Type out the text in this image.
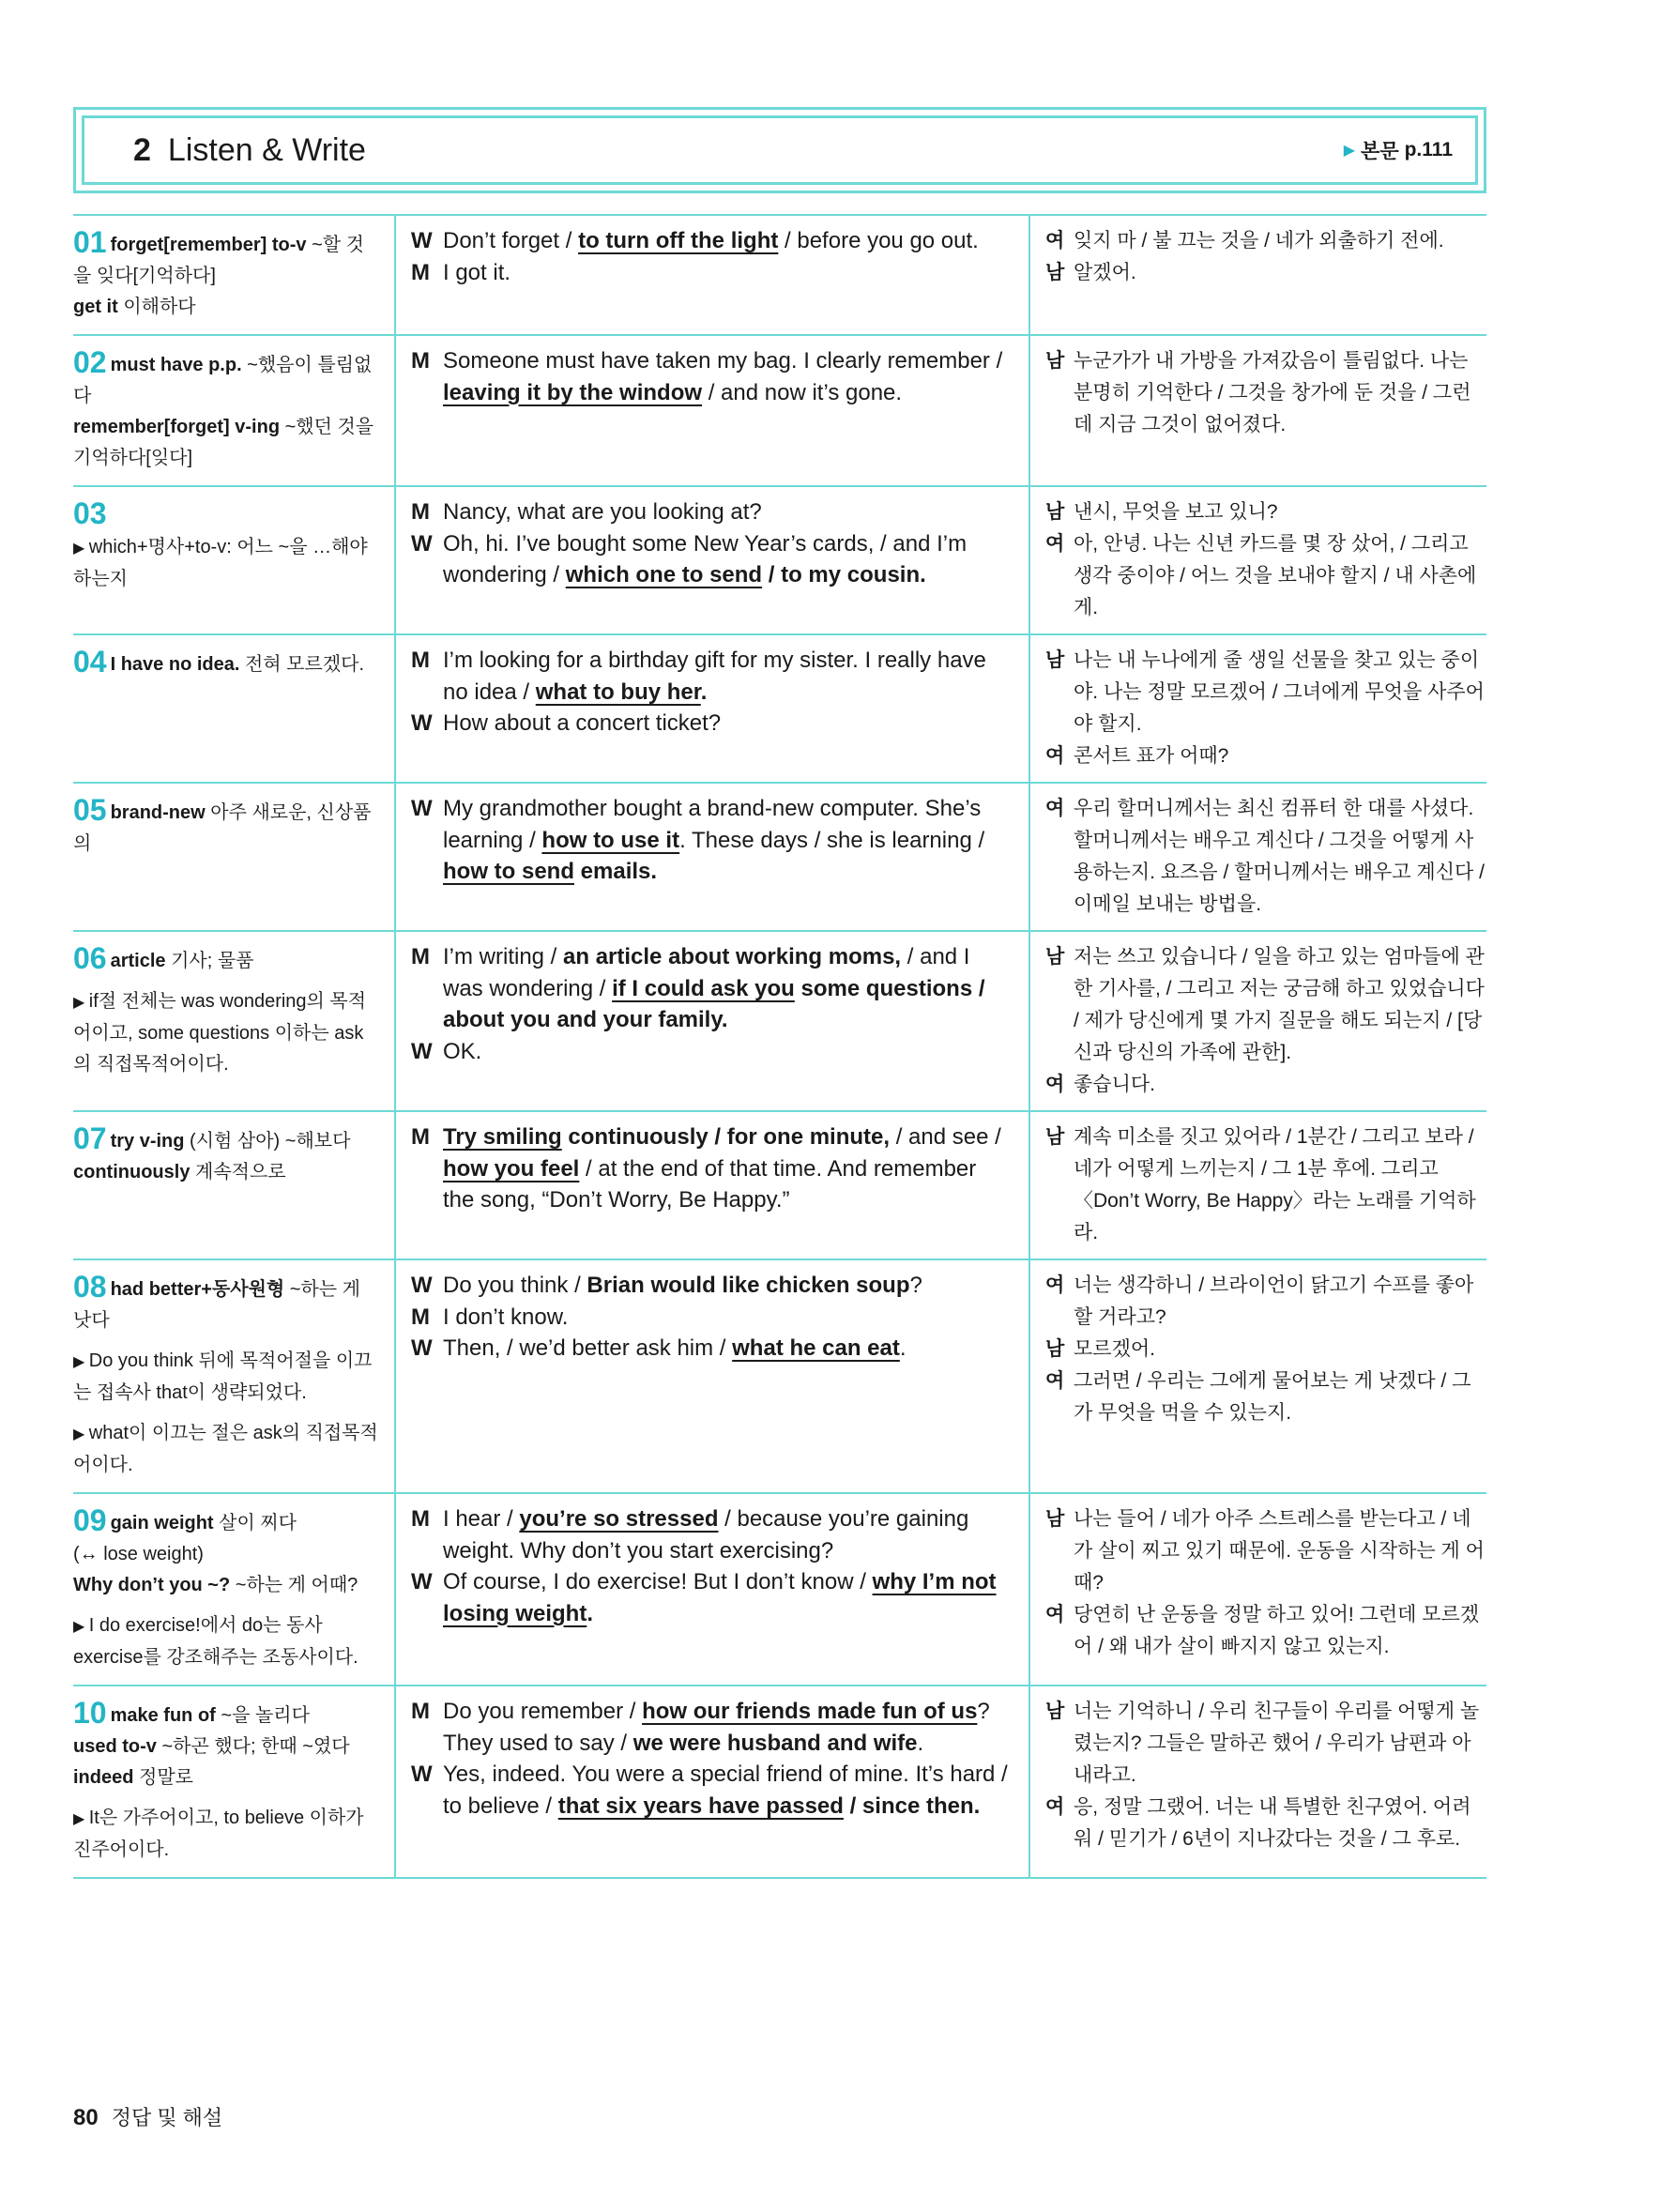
2 Listen & Write	▶ 본문 p.111
01 forget[remember] to-v ~할 것을 잊다[기억하다]
get it 이해하다
W Don’t forget / to turn off the light / before you go out.
M I got it.
여 잊지 마 / 불 끄는 것을 / 네가 외출하기 전에.
남 알겠어.
02 must have p.p. ~했음이 틀림없다
remember[forget] v-ing ~했던 것을 기억하다[잊다]
M Someone must have taken my bag. I clearly remember / leaving it by the window / and now it’s gone.
남 누군가가 내 가방을 가져갔음이 틀림없다. 나는 분명히 기억한다 / 그것을 창가에 둔 것을 / 그런데 지금 그것이 없어졌다.
03
▶ which+명사+to-v: 어느 ~을 …해야 하는지
M Nancy, what are you looking at?
W Oh, hi. I’ve bought some New Year’s cards, / and I’m wondering / which one to send / to my cousin.
남 낸시, 무엇을 보고 있니?
여 아, 안녕. 나는 신년 카드를 몇 장 샀어, / 그리고 생각 중이야 / 어느 것을 보내야 할지 / 내 사촌에게.
04 I have no idea. 전혀 모르겠다.	M I’m looking for a birthday gift for my sister. I really have no idea / what to buy her.
W How about a concert ticket?
남 나는 내 누나에게 줄 생일 선물을 찾고 있는 중이야. 나는 정말 모르겠어 / 그녀에게 무엇을 사주어야 할지.
여 콘서트 표가 어때?
05 brand-new 아주 새로운, 신상품의
W My grandmother bought a brand-new computer. She’s learning / how to use it. These days / she is learning / how to send emails.
여 우리 할머니께서는 최신 컴퓨터 한 대를 사셨다. 할머니께서는 배우고 계신다 / 그것을 어떻게 사용하는지. 요즈음 / 할머니께서는 배우고 계신다 / 이메일 보내는 방법을.
06 article 기사; 물품
▶ if절 전체는 was wondering의 목적어이고, some questions 이하는 ask의 직접목적어이다.
M I’m writing / an article about working moms, / and I was wondering / if I could ask you some questions / about you and your family.
W OK.
남 저는 쓰고 있습니다 / 일을 하고 있는 엄마들에 관한 기사를, / 그리고 저는 궁금해 하고 있었습니다 / 제가 당신에게 몇 가지 질문을 해도 되는지 / [당신과 당신의 가족에 관한].
여 좋습니다.
07 try v-ing (시험 삼아) ~해보다
continuously 계속적으로
M Try smiling continuously / for one minute, / and see / how you feel / at the end of that time. And remember the song, “Don’t Worry, Be Happy.”
남 계속 미소를 짓고 있어라 / 1분간 / 그리고 보라 / 네가 어떻게 느끼는지 / 그 1분 후에. 그리고 〈Don’t Worry, Be Happy〉라는 노래를 기억하라.
08 had better+동사원형 ~하는 게 낫다
▶ Do you think 뒤에 목적어절을 이끄는 접속사 that이 생략되었다.
▶ what이 이끄는 절은 ask의 직접목적어이다.
W Do you think / Brian would like chicken soup?
M I don’t know.
W Then, / we’d better ask him / what he can eat.
여 너는 생각하니 / 브라이언이 닭고기 수프를 좋아할 거라고?
남 모르겠어.
여 그러면 / 우리는 그에게 물어보는 게 낫겠다 / 그가 무엇을 먹을 수 있는지.
09 gain weight 살이 찌다
(↔ lose weight)
Why don’t you ~? ~하는 게 어때?
▶ I do exercise!에서 do는 동사 exercise를 강조해주는 조동사이다.
M I hear / you’re so stressed / because you’re gaining weight. Why don’t you start exercising?
W Of course, I do exercise! But I don’t know / why I’m not losing weight.
남 나는 들어 / 네가 아주 스트레스를 받는다고 / 네가 살이 찌고 있기 때문에. 운동을 시작하는 게 어때?
여 당연히 난 운동을 정말 하고 있어! 그런데 모르겠어 / 왜 내가 살이 빠지지 않고 있는지.
10 make fun of ~을 놀리다
used to-v ~하곤 했다; 한때 ~였다
indeed 정말로
▶ It은 가주어이고, to believe 이하가 진주어이다.
M Do you remember / how our friends made fun of us?
They used to say / we were husband and wife.
W Yes, indeed. You were a special friend of mine. It’s hard / to believe / that six years have passed / since then.
남 너는 기억하니 / 우리 친구들이 우리를 어떻게 놀렸는지? 그들은 말하곤 했어 / 우리가 남편과 아내라고.
여 응, 정말 그랬어. 너는 내 특별한 친구였어. 어려워 / 믿기가 / 6년이 지나갔다는 것을 / 그 후로.
80 정답 및 해설
